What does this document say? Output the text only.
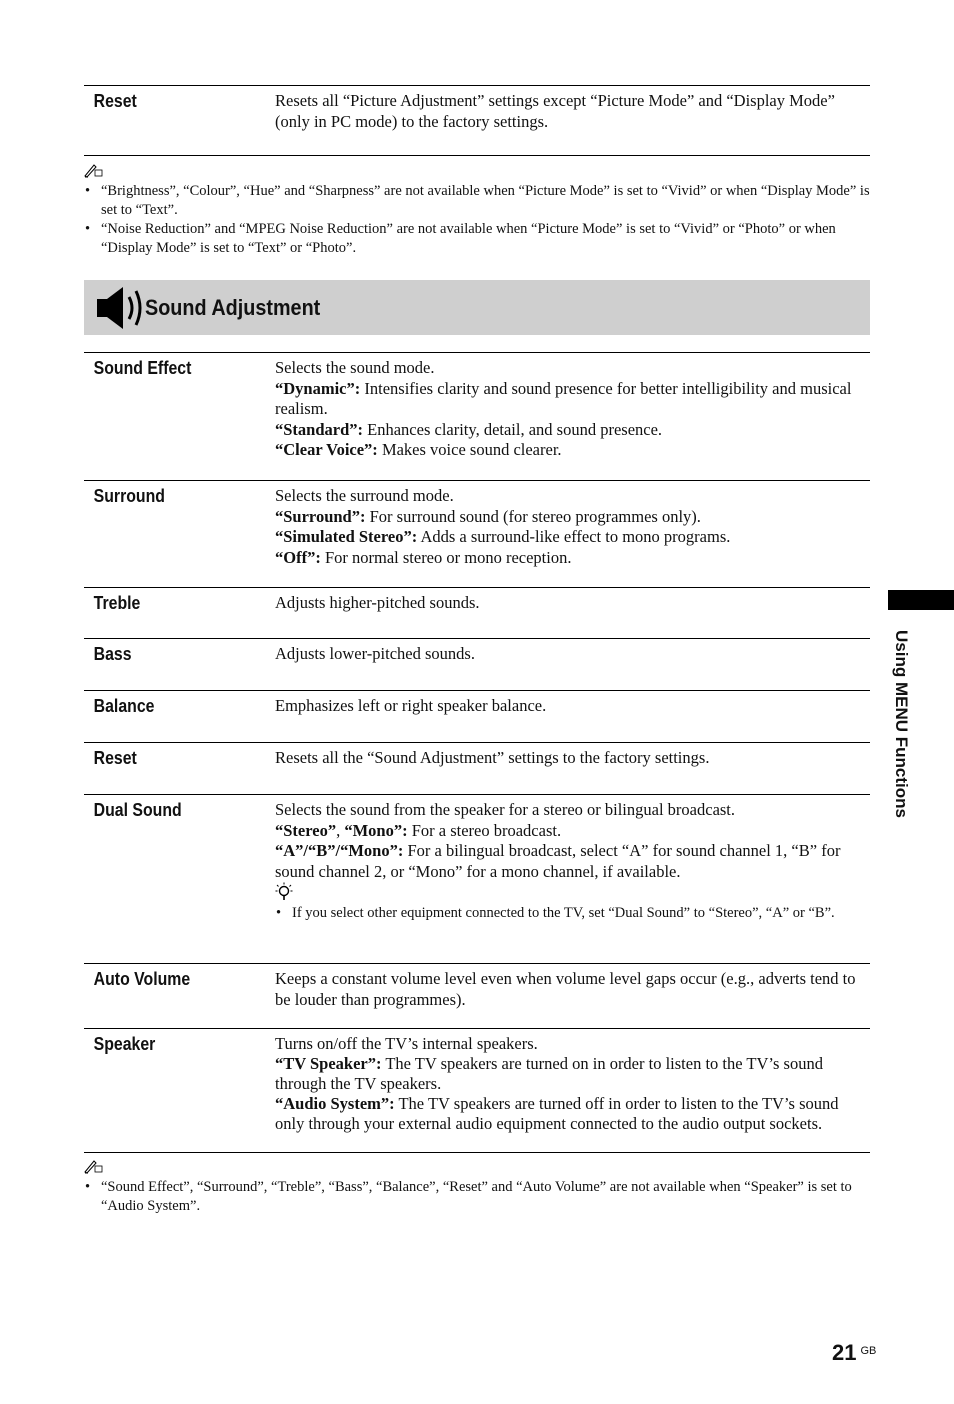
Reset	Resets all “Picture Adjustment” settings except “Picture Mode” and “Display Mode” (only in PC mode) to the factory settings.

• “Brightness”, “Colour”, “Hue” and “Sharpness” are not available when “Picture Mode” is set to “Vivid” or when “Display Mode” is set to “Text”.
• “Noise Reduction” and “MPEG Noise Reduction” are not available when “Picture Mode” is set to “Vivid” or “Photo” or when “Display Mode” is set to “Text” or “Photo”.
Sound Adjustment
Sound Effect	Selects the sound mode.

“Dynamic”: Intensifies clarity and sound presence for better intelligibility and musical realism.

“Standard”: Enhances clarity, detail, and sound presence.

“Clear Voice”: Makes voice sound clearer.

Surround	Selects the surround mode.

“Surround”: For surround sound (for stereo programmes only).

“Simulated Stereo”: Adds a surround-like effect to mono programs.

“Off”: For normal stereo or mono reception.

Treble	Adjusts higher-pitched sounds.
Bass	Adjusts lower-pitched sounds.
Balance	Emphasizes left or right speaker balance.
Reset	Resets all the “Sound Adjustment” settings to the factory settings.
Dual Sound	Selects the sound from the speaker for a stereo or bilingual broadcast.

“Stereo”, “Mono”: For a stereo broadcast.

“A”/“B”/“Mono”: For a bilingual broadcast, select “A” for sound channel 1, “B” for sound channel 2, or “Mono” for a mono channel, if available.

• If you select other equipment connected to the TV, set “Dual Sound” to “Stereo”, “A” or “B”.
Auto Volume	Keeps a constant volume level even when volume level gaps occur (e.g., adverts tend to be louder than programmes).
Speaker	Turns on/off the TV’s internal speakers.

“TV Speaker”: The TV speakers are turned on in order to listen to the TV’s sound through the TV speakers.

“Audio System”: The TV speakers are turned off in order to listen to the TV’s sound only through your external audio equipment connected to the audio output sockets.

• “Sound Effect”, “Surround”, “Treble”, “Bass”, “Balance”, “Reset” and “Auto Volume” are not available when “Speaker” is set to “Audio System”.
Using MENU Functions
21 $^{GB}$
